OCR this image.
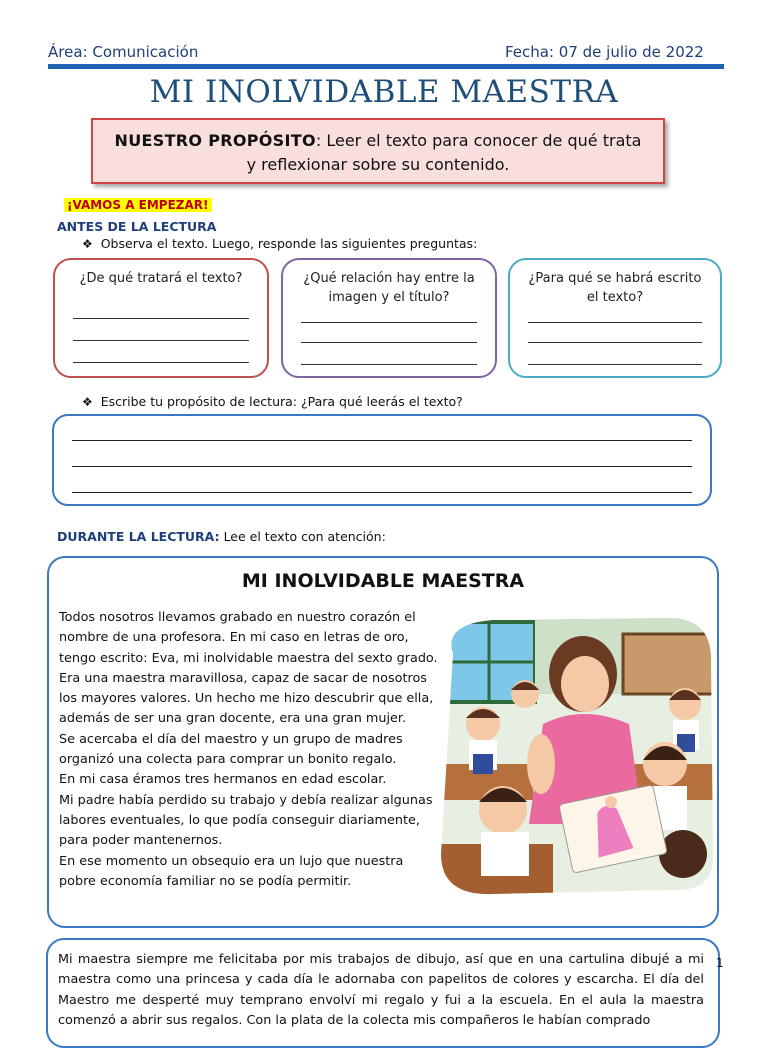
Área: Comunicación	Fecha: 07 de julio de 2022
MI INOLVIDABLE MAESTRA
NUESTRO PROPÓSITO: Leer el texto para conocer de qué trata
y reflexionar sobre su contenido.
¡VAMOS A EMPEZAR!
ANTES DE LA LECTURA
❖ Observa el texto. Luego, responde las siguientes preguntas:
¿De qué tratará el texto?	¿Qué relación hay entre la
imagen y el título?
¿Para qué se habrá escrito
el texto?
❖ Escribe tu propósito de lectura: ¿Para qué leerás el texto?
DURANTE LA LECTURA: Lee el texto con atención:
MI INOLVIDABLE MAESTRA
Todos nosotros llevamos grabado en nuestro corazón el
nombre de una profesora. En mi caso en letras de oro,
tengo escrito: Eva, mi inolvidable maestra del sexto grado.
Era una maestra maravillosa, capaz de sacar de nosotros
los mayores valores. Un hecho me hizo descubrir que ella,
además de ser una gran docente, era una gran mujer.
Se acercaba el día del maestro y un grupo de madres
organizó una colecta para comprar un bonito regalo.
En mi casa éramos tres hermanos en edad escolar.
Mi padre había perdido su trabajo y debía realizar algunas
labores eventuales, lo que podía conseguir diariamente,
para poder mantenernos.
En ese momento un obsequio era un lujo que nuestra
pobre economía familiar no se podía permitir.
Mi maestra siempre me felicitaba por mis trabajos de dibujo, así que en una cartulina dibujé a mi maestra como una princesa y cada día le adornaba con papelitos de colores y escarcha. El día del Maestro me desperté muy temprano envolví mi regalo y fui a la escuela. En el aula la maestra comenzó a abrir sus regalos. Con la plata de la colecta mis compañeros le habían comprado
1
